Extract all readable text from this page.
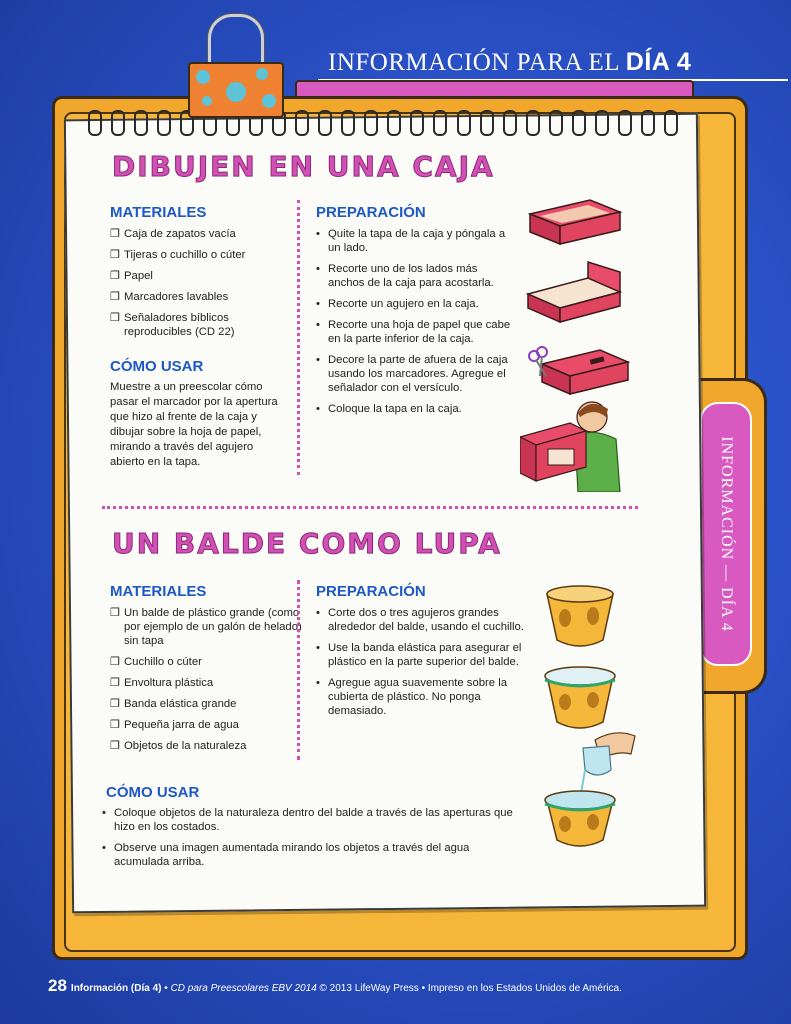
INFORMACIÓN PARA EL DÍA 4
INFORMACIÓN — DÍA 4
DIBUJEN EN UNA CAJA
MATERIALES
❒ Caja de zapatos vacía
❒ Tijeras o cuchillo o cúter
❒ Papel
❒ Marcadores lavables
❒ Señaladores bíblicos reproducibles (CD 22)
CÓMO USAR
Muestre a un preescolar cómo pasar el marcador por la apertura que hizo al frente de la caja y dibujar sobre la hoja de papel, mirando a través del agujero abierto en la tapa.
PREPARACIÓN
• Quite la tapa de la caja y póngala a un lado.
• Recorte uno de los lados más anchos de la caja para acostarla.
• Recorte un agujero en la caja.
• Recorte una hoja de papel que cabe en la parte inferior de la caja.
• Decore la parte de afuera de la caja usando los marcadores. Agregue el señalador con el versículo.
• Coloque la tapa en la caja.
UN BALDE COMO LUPA
MATERIALES
❒ Un balde de plástico grande (como por ejemplo de un galón de helado) sin tapa
❒ Cuchillo o cúter
❒ Envoltura plástica
❒ Banda elástica grande
❒ Pequeña jarra de agua
❒ Objetos de la naturaleza
PREPARACIÓN
• Corte dos o tres agujeros grandes alrededor del balde, usando el cuchillo.
• Use la banda elástica para asegurar el plástico en la parte superior del balde.
• Agregue agua suavemente sobre la cubierta de plástico. No ponga demasiado.
CÓMO USAR
• Coloque objetos de la naturaleza dentro del balde a través de las aperturas que hizo en los costados.
• Observe una imagen aumentada mirando los objetos a través del agua acumulada arriba.
28 Información (Día 4) • CD para Preescolares EBV 2014 © 2013 LifeWay Press • Impreso en los Estados Unidos de América.
